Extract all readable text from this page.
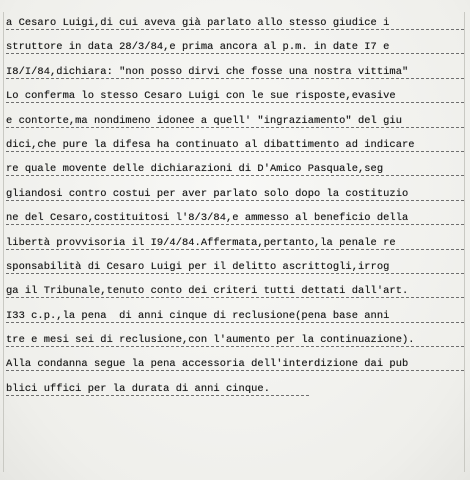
a Cesaro Luigi,di cui aveva già parlato allo stesso giudice i
struttore in data 28/3/84,e prima ancora al p.m. in date I7 e
I8/I/84,dichiara: "non posso dirvi che fosse una nostra vittima"
Lo conferma lo stesso Cesaro Luigi con le sue risposte,evasive
e contorte,ma nondimeno idonee a quell' "ingraziamento" del giu
dici,che pure la difesa ha continuato al dibattimento ad indicare
re quale movente delle dichiarazioni di D'Amico Pasquale,seg
gliandosi contro costui per aver parlato solo dopo la costituzio
ne del Cesaro,costituitosi l'8/3/84,e ammesso al beneficio della
libertà provvisoria il I9/4/84.Affermata,pertanto,la penale re
sponsabilità di Cesaro Luigi per il delitto ascrittogli,irrog
ga il Tribunale,tenuto conto dei criteri tutti dettati dall'art.
I33 c.p.,la pena  di anni cinque di reclusione(pena base anni
tre e mesi sei di reclusione,con l'aumento per la continuazione).
Alla condanna segue la pena accessoria dell'interdizione dai pub
blici uffici per la durata di anni cinque.
